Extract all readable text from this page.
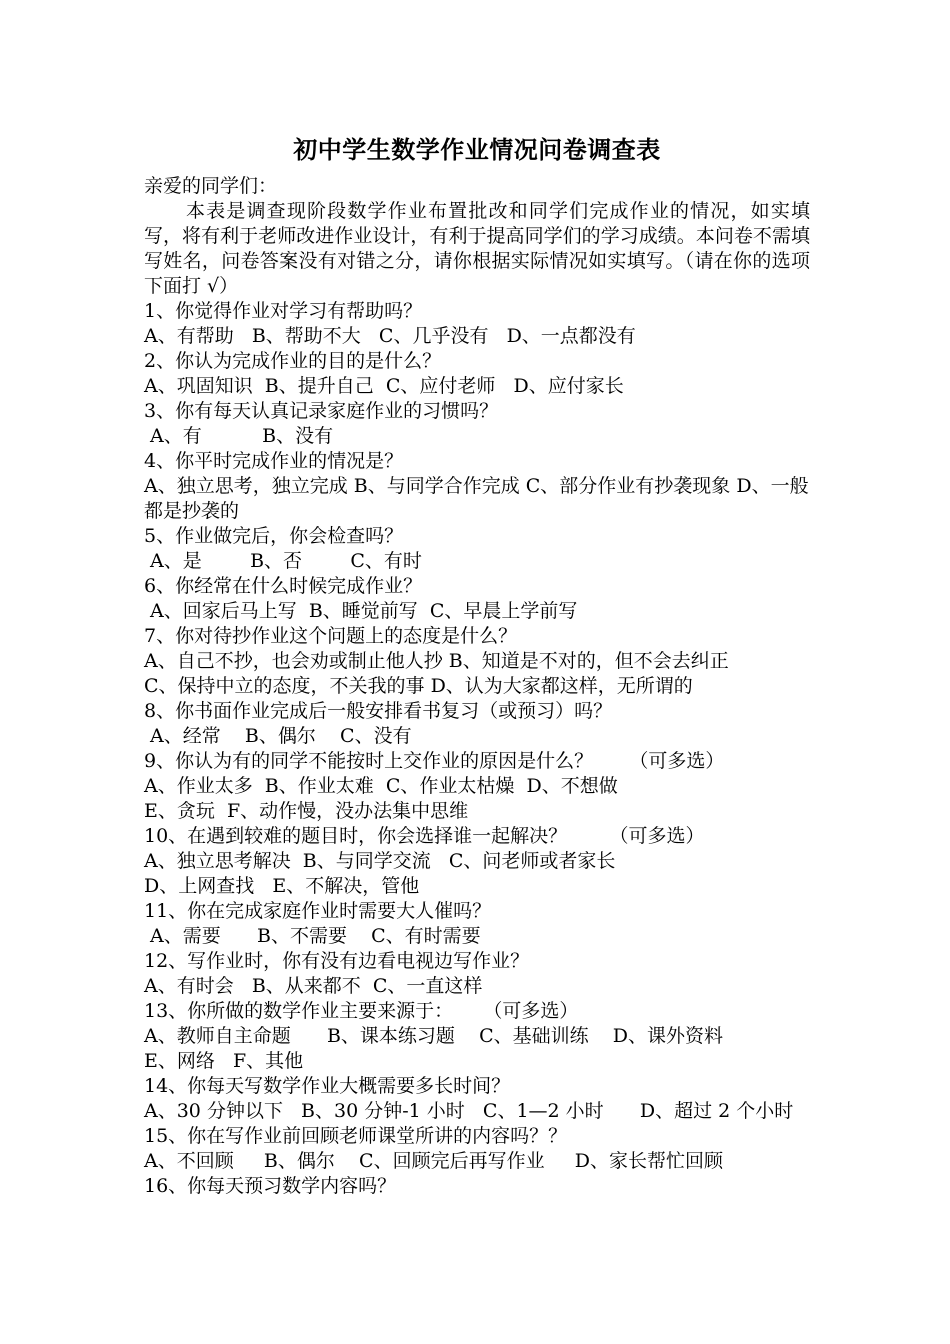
初中学生数学作业情况问卷调查表
亲爱的同学们：
本表是调查现阶段数学作业布置批改和同学们完成作业的情况，如实填写，将有利于老师改进作业设计，有利于提高同学们的学习成绩。本问卷不需填写姓名，问卷答案没有对错之分，请你根据实际情况如实填写。（请在你的选项下面打 √）
1、你觉得作业对学习有帮助吗？
A、有帮助   B、帮助不大   C、几乎没有   D、一点都没有
2、你认为完成作业的目的是什么？
A、巩固知识  B、提升自己  C、应付老师   D、应付家长
3、你有每天认真记录家庭作业的习惯吗？
A、有          B、没有
4、你平时完成作业的情况是？
A、独立思考，独立完成 B、与同学合作完成 C、部分作业有抄袭现象 D、一般都是抄袭的
5、作业做完后，你会检查吗？
A、是        B、否        C、有时
6、你经常在什么时候完成作业？
A、回家后马上写  B、睡觉前写  C、早晨上学前写
7、你对待抄作业这个问题上的态度是什么？
A、自己不抄，也会劝或制止他人抄 B、知道是不对的，但不会去纠正
C、保持中立的态度，不关我的事 D、认为大家都这样，无所谓的
8、你书面作业完成后一般安排看书复习（或预习）吗？
A、经常    B、偶尔    C、没有
9、你认为有的同学不能按时上交作业的原因是什么？      （可多选）
A、作业太多  B、作业太难  C、作业太枯燥  D、不想做
E、贪玩  F、动作慢，没办法集中思维
10、在遇到较难的题目时，你会选择谁一起解决？       （可多选）
A、独立思考解决  B、与同学交流   C、问老师或者家长
D、上网查找   E、不解决，管他
11、你在完成家庭作业时需要大人催吗？
A、需要      B、不需要    C、有时需要
12、写作业时，你有没有边看电视边写作业？
A、有时会   B、从来都不  C、一直这样
13、你所做的数学作业主要来源于：     （可多选）
A、教师自主命题      B、课本练习题    C、基础训练    D、课外资料
E、网络   F、其他
14、你每天写数学作业大概需要多长时间？
A、30 分钟以下   B、30 分钟-1 小时   C、1—2 小时      D、超过 2 个小时
15、你在写作业前回顾老师课堂所讲的内容吗？？
A、不回顾     B、偶尔    C、回顾完后再写作业     D、家长帮忙回顾
16、你每天预习数学内容吗？
